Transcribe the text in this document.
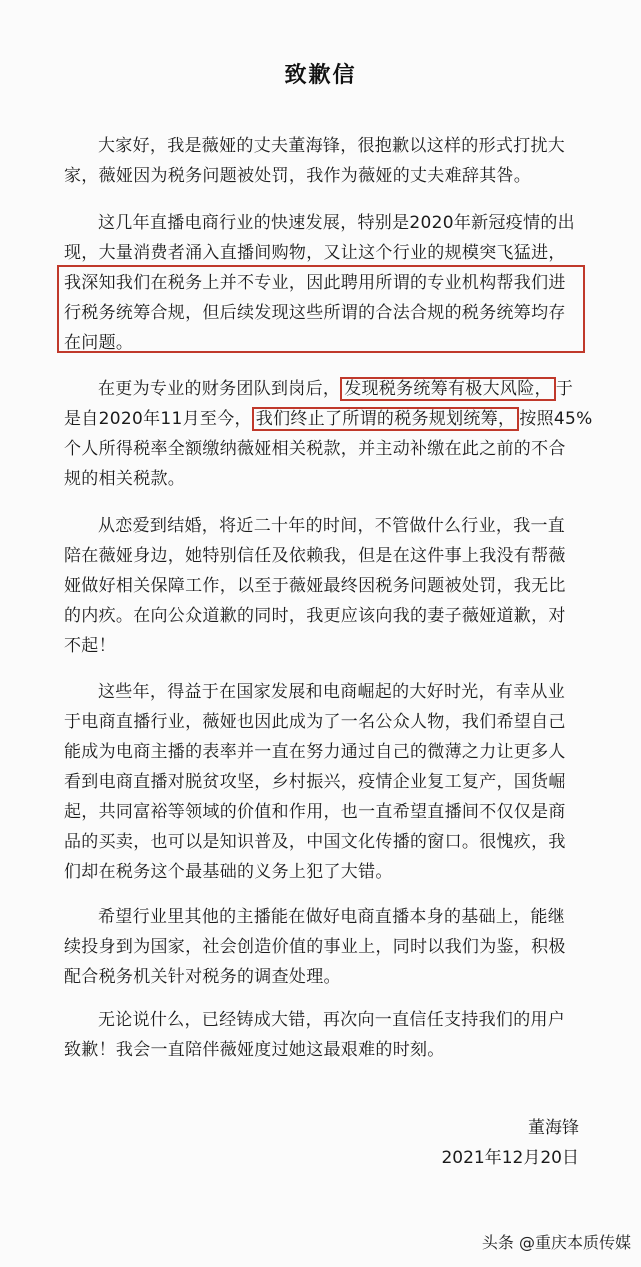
致歉信

大家好，我是薇娅的丈夫董海锋，很抱歉以这样的形式打扰大
家，薇娅因为税务问题被处罚，我作为薇娅的丈夫难辞其咎。

这几年直播电商行业的快速发展，特别是2020年新冠疫情的出
现，大量消费者涌入直播间购物，又让这个行业的规模突飞猛进，
我深知我们在税务上并不专业，因此聘用所谓的专业机构帮我们进
行税务统筹合规，但后续发现这些所谓的合法合规的税务统筹均存
在问题。

在更为专业的财务团队到岗后， 发现税务统筹有极大风险， 于
是自2020年11月至今， 我们终止了所谓的税务规划统筹， 按照45%
个人所得税率全额缴纳薇娅相关税款，并主动补缴在此之前的不合
规的相关税款。

从恋爱到结婚，将近二十年的时间，不管做什么行业，我一直
陪在薇娅身边，她特别信任及依赖我，但是在这件事上我没有帮薇
娅做好相关保障工作，以至于薇娅最终因税务问题被处罚，我无比
的内疚。在向公众道歉的同时，我更应该向我的妻子薇娅道歉，对
不起！

这些年，得益于在国家发展和电商崛起的大好时光，有幸从业
于电商直播行业，薇娅也因此成为了一名公众人物，我们希望自己
能成为电商主播的表率并一直在努力通过自己的微薄之力让更多人
看到电商直播对脱贫攻坚，乡村振兴，疫情企业复工复产，国货崛
起，共同富裕等领域的价值和作用，也一直希望直播间不仅仅是商
品的买卖，也可以是知识普及，中国文化传播的窗口。很愧疚，我
们却在税务这个最基础的义务上犯了大错。

希望行业里其他的主播能在做好电商直播本身的基础上，能继
续投身到为国家，社会创造价值的事业上，同时以我们为鉴，积极
配合税务机关针对税务的调查处理。

无论说什么，已经铸成大错，再次向一直信任支持我们的用户
致歉！我会一直陪伴薇娅度过她这最艰难的时刻。

董海锋
2021年12月20日
头条 @重庆本质传媒
